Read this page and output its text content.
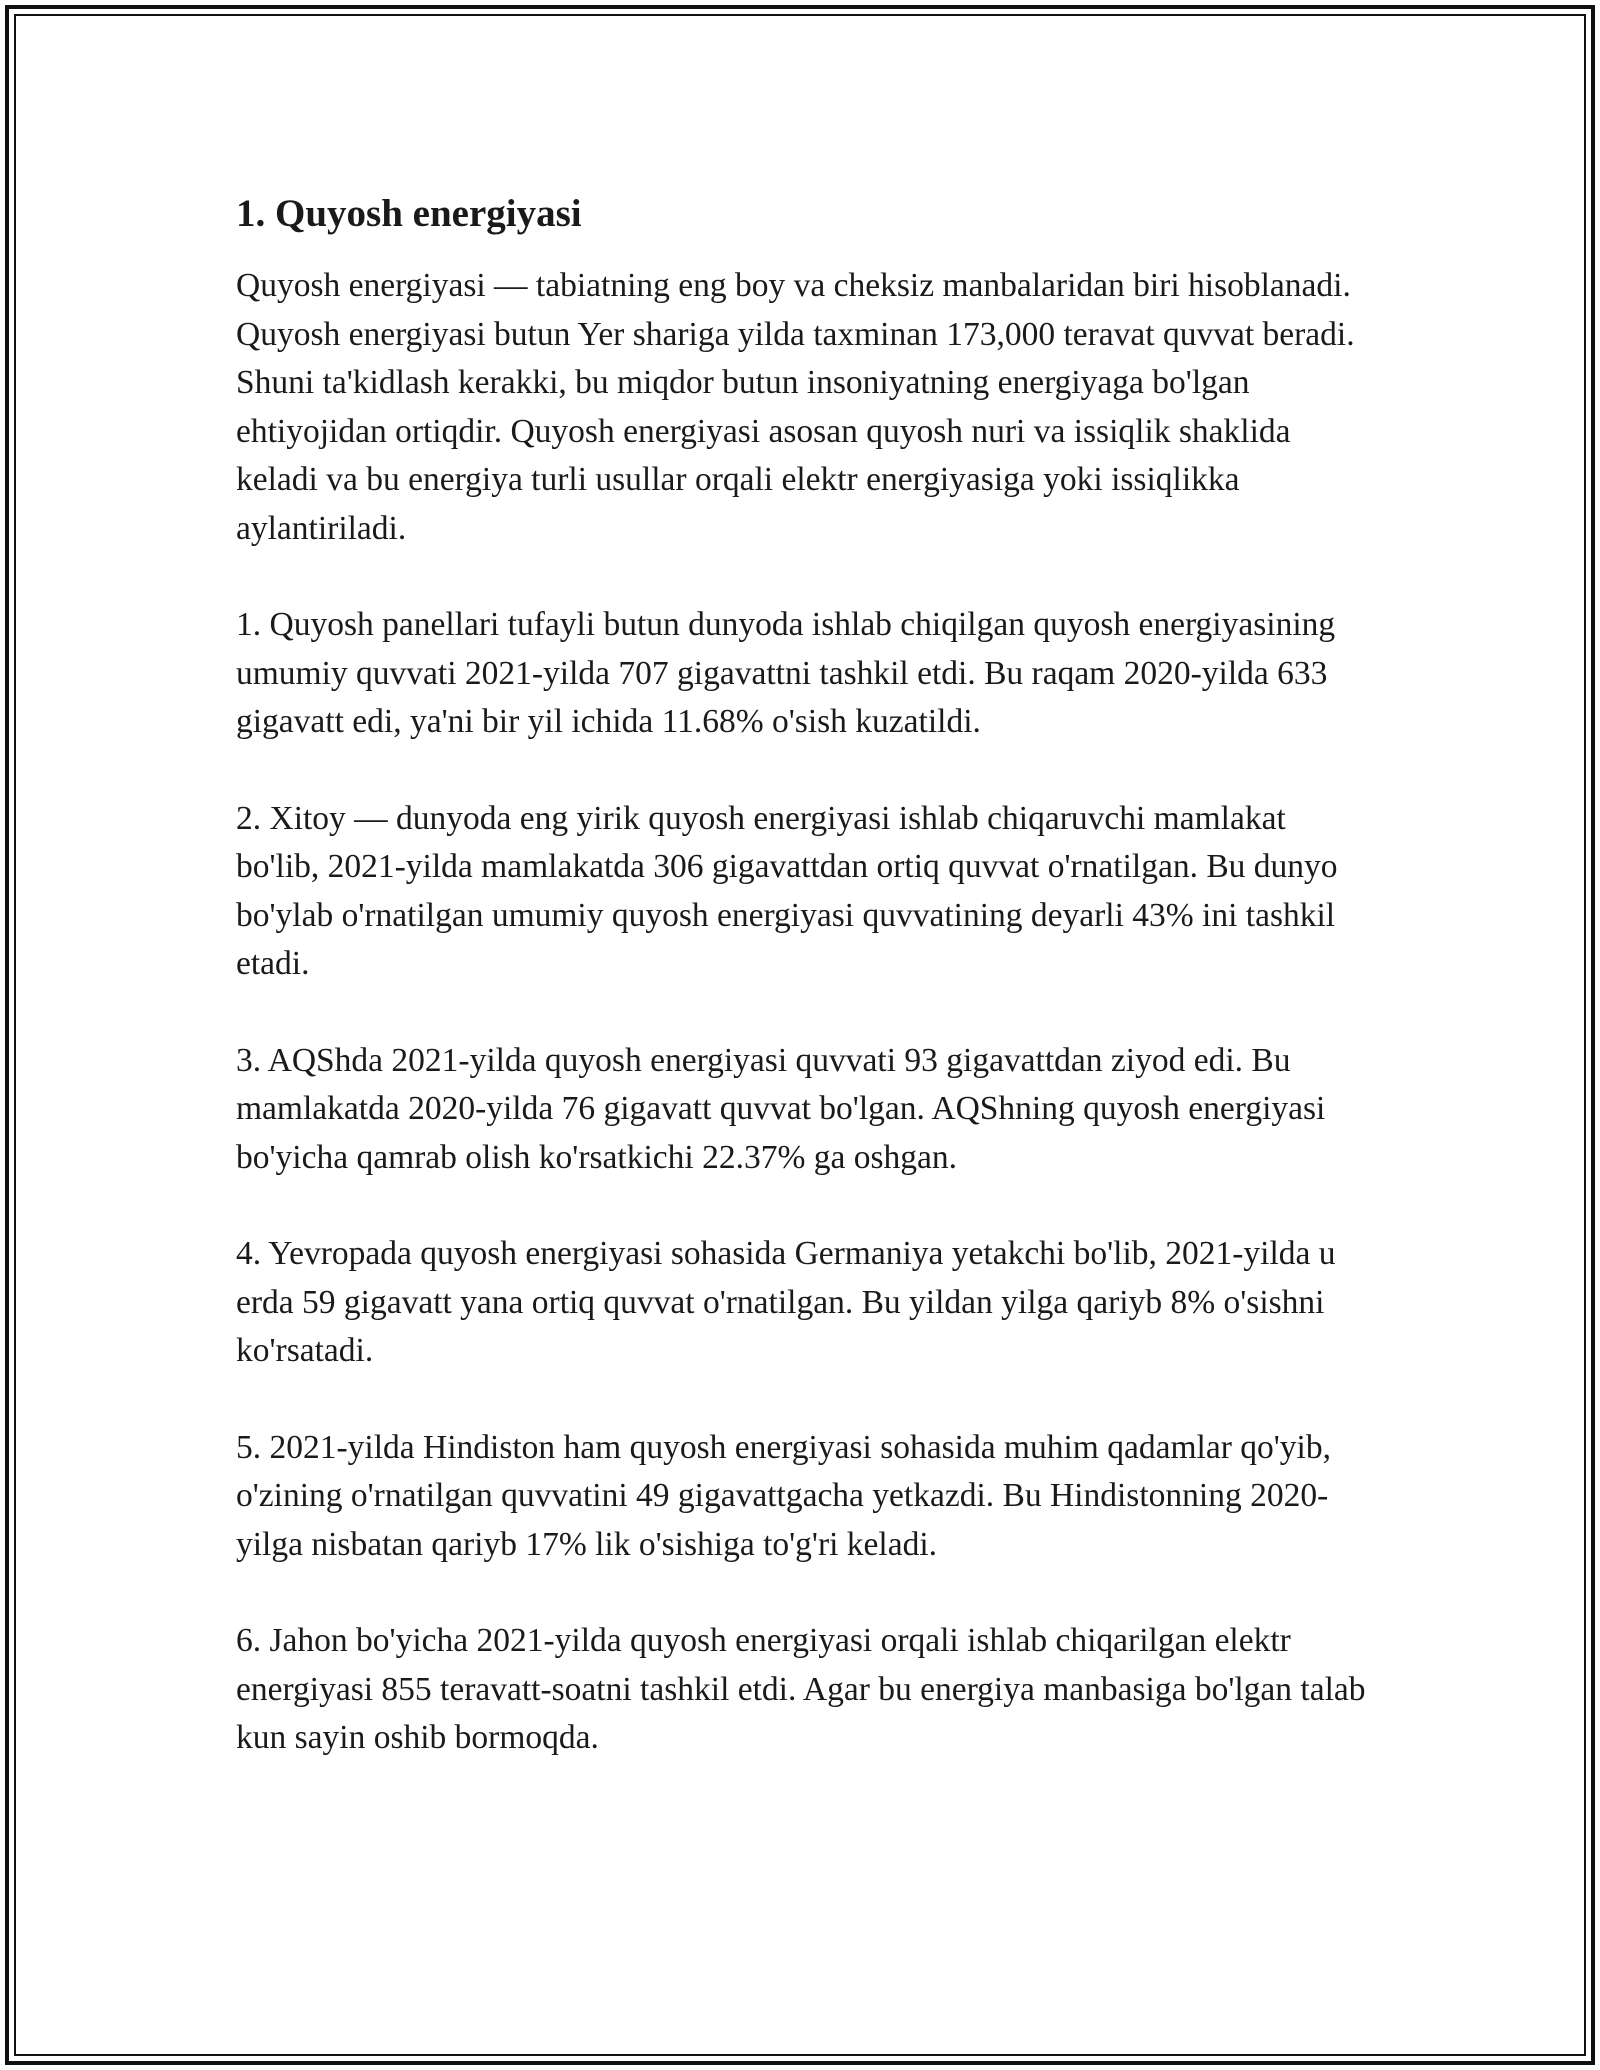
1. Quyosh energiyasi

Quyosh energiyasi — tabiatning eng boy va cheksiz manbalaridan biri hisoblanadi. Quyosh energiyasi butun Yer shariga yilda taxminan 173,000 teravat quvvat beradi. Shuni ta'kidlash kerakki, bu miqdor butun insoniyatning energiyaga bo'lgan ehtiyojidan ortiqdir. Quyosh energiyasi asosan quyosh nuri va issiqlik shaklida keladi va bu energiya turli usullar orqali elektr energiyasiga yoki issiqlikka aylantiriladi.

1. Quyosh panellari tufayli butun dunyoda ishlab chiqilgan quyosh energiyasining umumiy quvvati 2021-yilda 707 gigavattni tashkil etdi. Bu raqam 2020-yilda 633 gigavatt edi, ya'ni bir yil ichida 11.68% o'sish kuzatildi.

2. Xitoy — dunyoda eng yirik quyosh energiyasi ishlab chiqaruvchi mamlakat bo'lib, 2021-yilda mamlakatda 306 gigavattdan ortiq quvvat o'rnatilgan. Bu dunyo bo'ylab o'rnatilgan umumiy quyosh energiyasi quvvatining deyarli 43% ini tashkil etadi.

3. AQShda 2021-yilda quyosh energiyasi quvvati 93 gigavattdan ziyod edi. Bu mamlakatda 2020-yilda 76 gigavatt quvvat bo'lgan. AQShning quyosh energiyasi bo'yicha qamrab olish ko'rsatkichi 22.37% ga oshgan.

4. Yevropada quyosh energiyasi sohasida Germaniya yetakchi bo'lib, 2021-yilda u erda 59 gigavatt yana ortiq quvvat o'rnatilgan. Bu yildan yilga qariyb 8% o'sishni ko'rsatadi.

5. 2021-yilda Hindiston ham quyosh energiyasi sohasida muhim qadamlar qo'yib, o'zining o'rnatilgan quvvatini 49 gigavattgacha yetkazdi. Bu Hindistonning 2020-yilga nisbatan qariyb 17% lik o'sishiga to'g'ri keladi.

6. Jahon bo'yicha 2021-yilda quyosh energiyasi orqali ishlab chiqarilgan elektr energiyasi 855 teravatt-soatni tashkil etdi. Agar bu energiya manbasiga bo'lgan talab kun sayin oshib bormoqda.
